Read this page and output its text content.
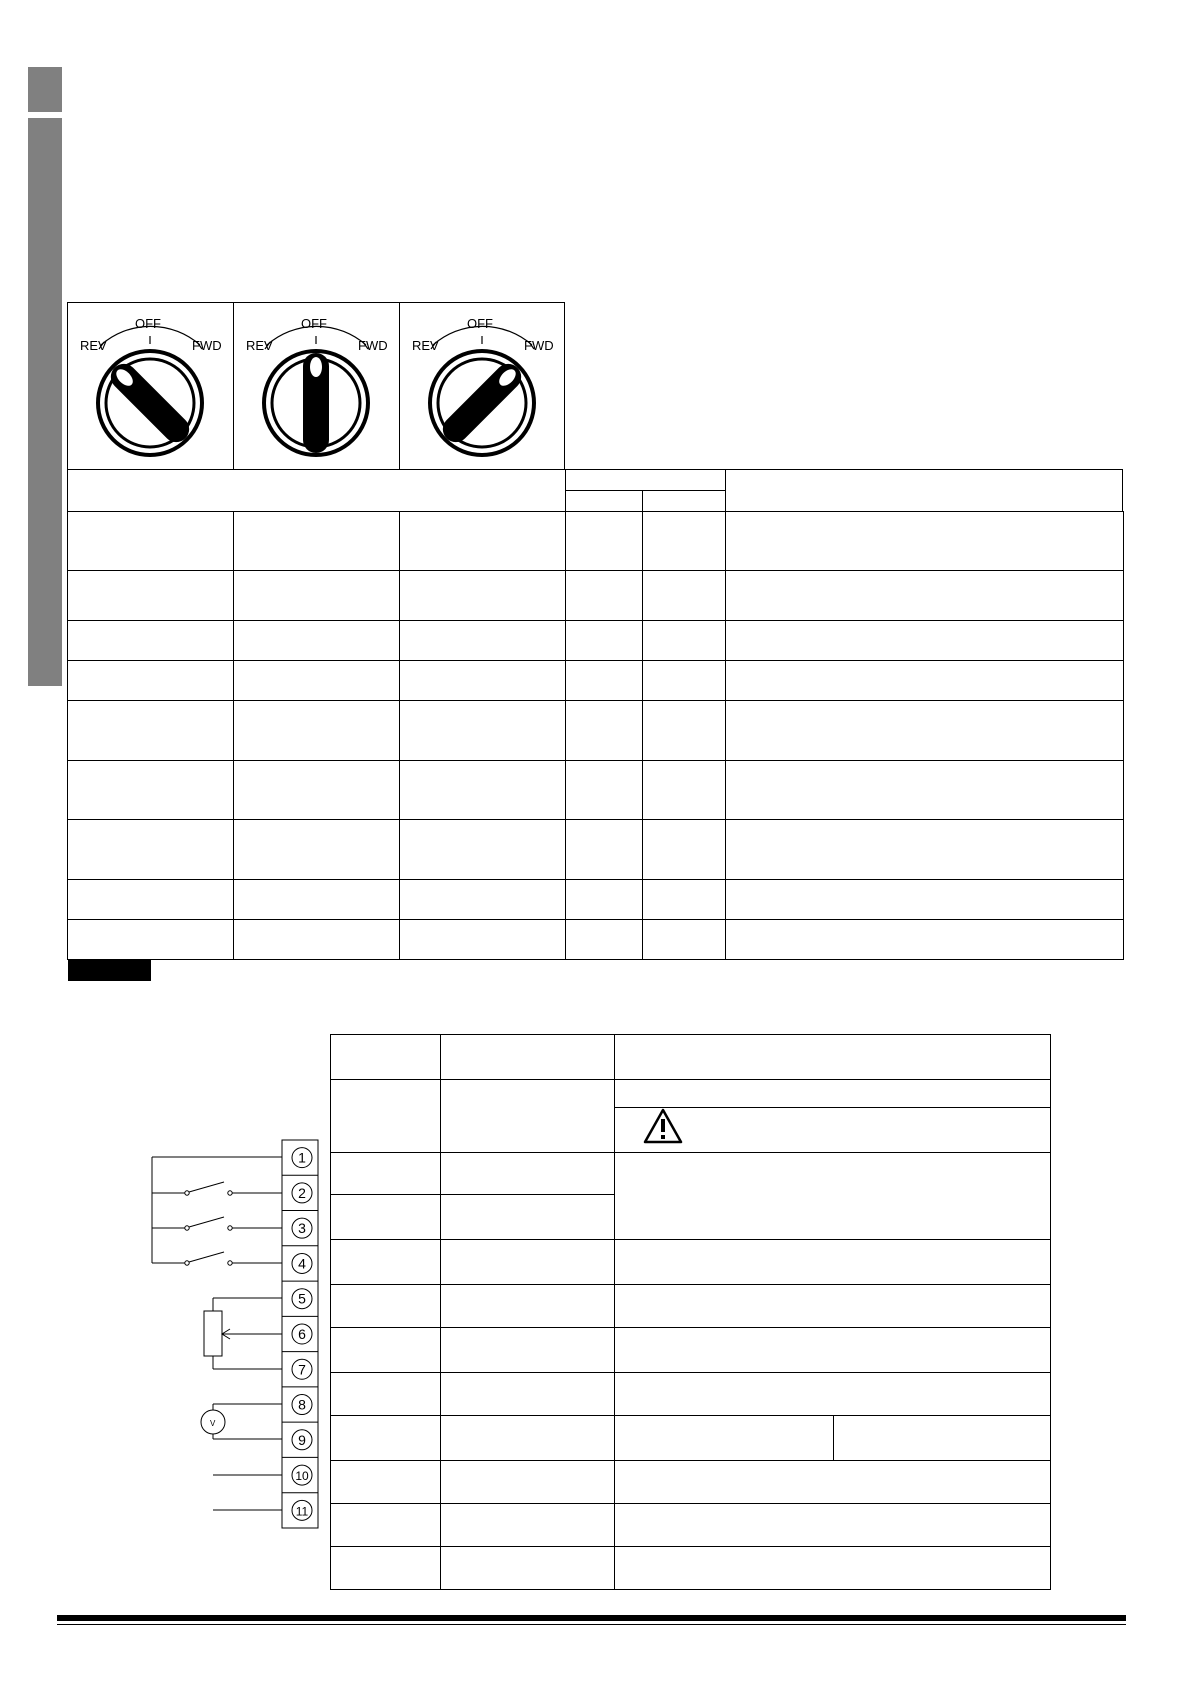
REV
OFF
FWD REV
OFF
FWD REV
OFF
FWD
V
1
2
3
4
5
6
7
8
9
10
11
